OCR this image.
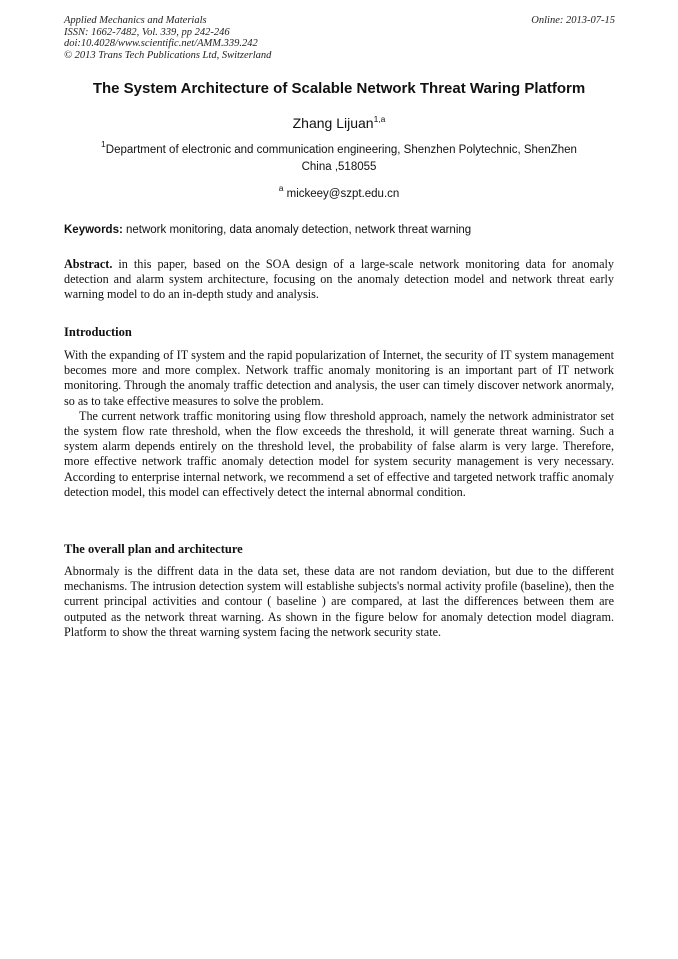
Applied Mechanics and Materials
ISSN: 1662-7482, Vol. 339, pp 242-246
doi:10.4028/www.scientific.net/AMM.339.242
© 2013 Trans Tech Publications Ltd, Switzerland
Online: 2013-07-15
The System Architecture of Scalable Network Threat Waring Platform
Zhang Lijuan$^{1,a}$
$^1$Department of electronic and communication engineering, Shenzhen Polytechnic, ShenZhen
China ,518055
$^a$ mickeey@szpt.edu.cn
Keywords: network monitoring, data anomaly detection, network threat warning

Abstract. in this paper, based on the SOA design of a large-scale network monitoring data for anomaly detection and alarm system architecture, focusing on the anomaly detection model and network threat early warning model to do an in-depth study and analysis.

Introduction

With the expanding of IT system and the rapid popularization of Internet, the security of IT system management becomes more and more complex. Network traffic anomaly monitoring is an important part of IT network monitoring. Through the anomaly traffic detection and analysis, the user can timely discover network anormaly, so as to take effective measures to solve the problem.

The current network traffic monitoring using flow threshold approach, namely the network administrator set the system flow rate threshold, when the flow exceeds the threshold, it will generate threat warning. Such a system alarm depends entirely on the threshold level, the probability of false alarm is very large. Therefore, more effective network traffic anomaly detection model for system security management is very necessary. According to enterprise internal network, we recommend a set of effective and targeted network traffic anomaly detection model, this model can effectively detect the internal abnormal condition.

The overall plan and architecture

Abnormaly is the diffrent data in the data set, these data are not random deviation, but due to the different mechanisms. The intrusion detection system will establishe subjects's normal activity profile (baseline), then the current principal activities and contour ( baseline ) are compared, at last the differences between them are outputed as the network threat warning. As shown in the figure below for anomaly detection model diagram. Platform to show the threat warning system facing the network security state.
